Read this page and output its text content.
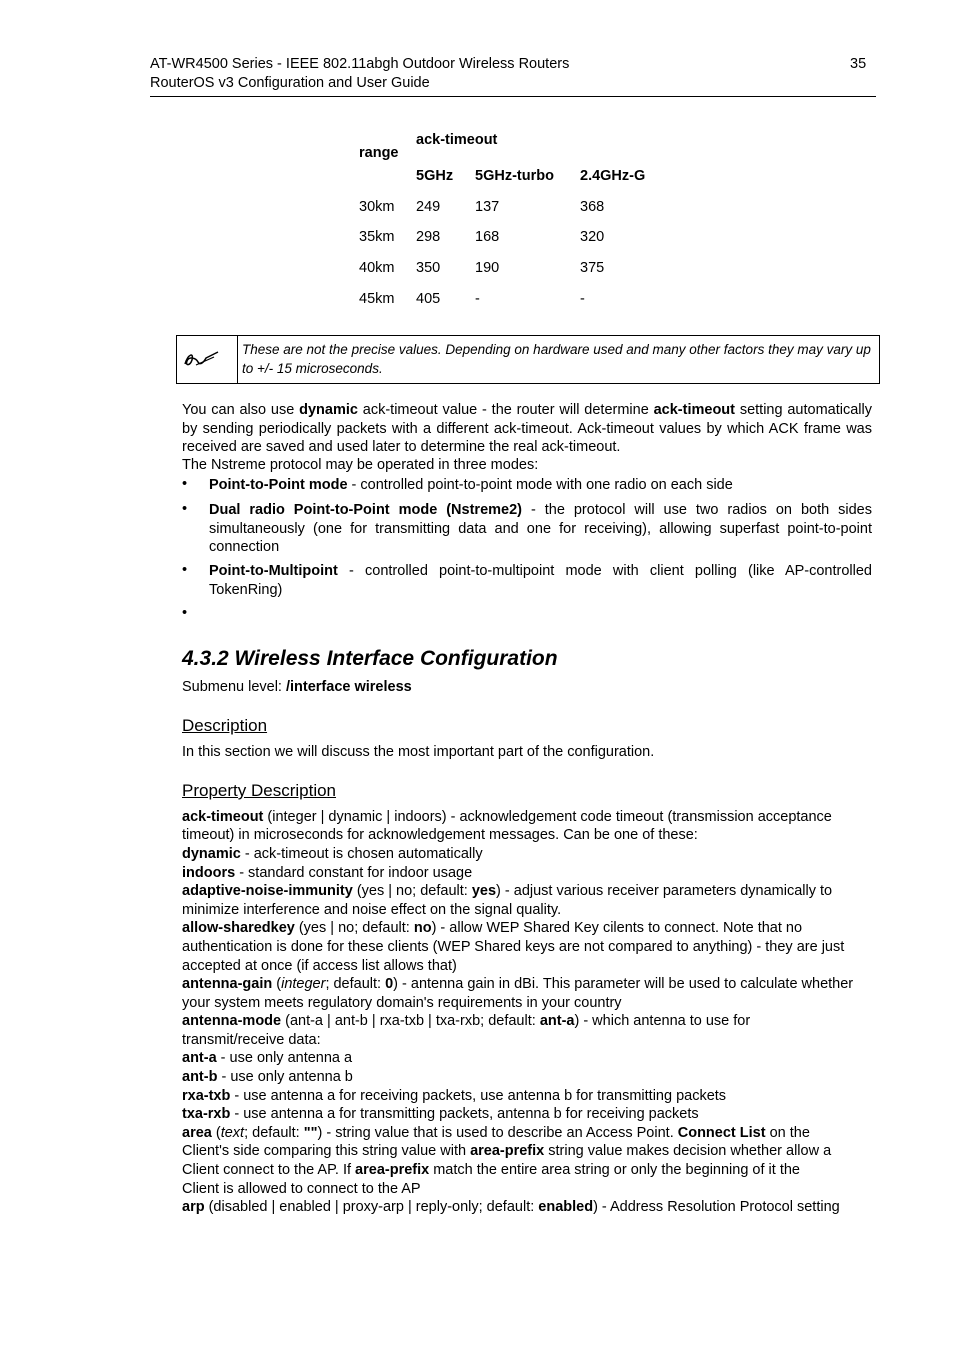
AT-WR4500 Series - IEEE 802.11abgh Outdoor Wireless Routers
RouterOS v3 Configuration and User Guide
35
range
ack-timeout
5GHz 5GHz-turbo 2.4GHz-G
30km 249 137	368
35km 298 168	320
40km 350 190	375
45km 405 -	-
These are not the precise values. Depending on hardware used and many other factors they may vary up to +/- 15 microseconds.
You can also use dynamic ack-timeout value - the router will determine ack-timeout setting automatically by sending periodically packets with a different ack-timeout. Ack-timeout values by which ACK frame was received are saved and used later to determine the real ack-timeout.
The Nstreme protocol may be operated in three modes:
• Point-to-Point mode - controlled point-to-point mode with one radio on each side
• Dual radio Point-to-Point mode (Nstreme2) - the protocol will use two radios on both sides simultaneously (one for transmitting data and one for receiving), allowing superfast point-to-point connection
• Point-to-Multipoint - controlled point-to-multipoint mode with client polling (like AP-controlled TokenRing)
•
4.3.2 Wireless Interface Configuration
Submenu level: /interface wireless
Description
In this section we will discuss the most important part of the configuration.
Property Description
ack-timeout (integer | dynamic | indoors) - acknowledgement code timeout (transmission acceptance
timeout) in microseconds for acknowledgement messages. Can be one of these:
dynamic - ack-timeout is chosen automatically
indoors - standard constant for indoor usage
adaptive-noise-immunity (yes | no; default: yes) - adjust various receiver parameters dynamically to
minimize interference and noise effect on the signal quality.
allow-sharedkey (yes | no; default: no) - allow WEP Shared Key cilents to connect. Note that no
authentication is done for these clients (WEP Shared keys are not compared to anything) - they are just
accepted at once (if access list allows that)
antenna-gain (integer; default: 0) - antenna gain in dBi. This parameter will be used to calculate whether
your system meets regulatory domain's requirements in your country
antenna-mode (ant-a | ant-b | rxa-txb | txa-rxb; default: ant-a) - which antenna to use for
transmit/receive data:
ant-a - use only antenna a
ant-b - use only antenna b
rxa-txb - use antenna a for receiving packets, use antenna b for transmitting packets
txa-rxb - use antenna a for transmitting packets, antenna b for receiving packets
area (text; default: "") - string value that is used to describe an Access Point. Connect List on the
Client's side comparing this string value with area-prefix string value makes decision whether allow a
Client connect to the AP. If area-prefix match the entire area string or only the beginning of it the
Client is allowed to connect to the AP
arp (disabled | enabled | proxy-arp | reply-only; default: enabled) - Address Resolution Protocol setting
